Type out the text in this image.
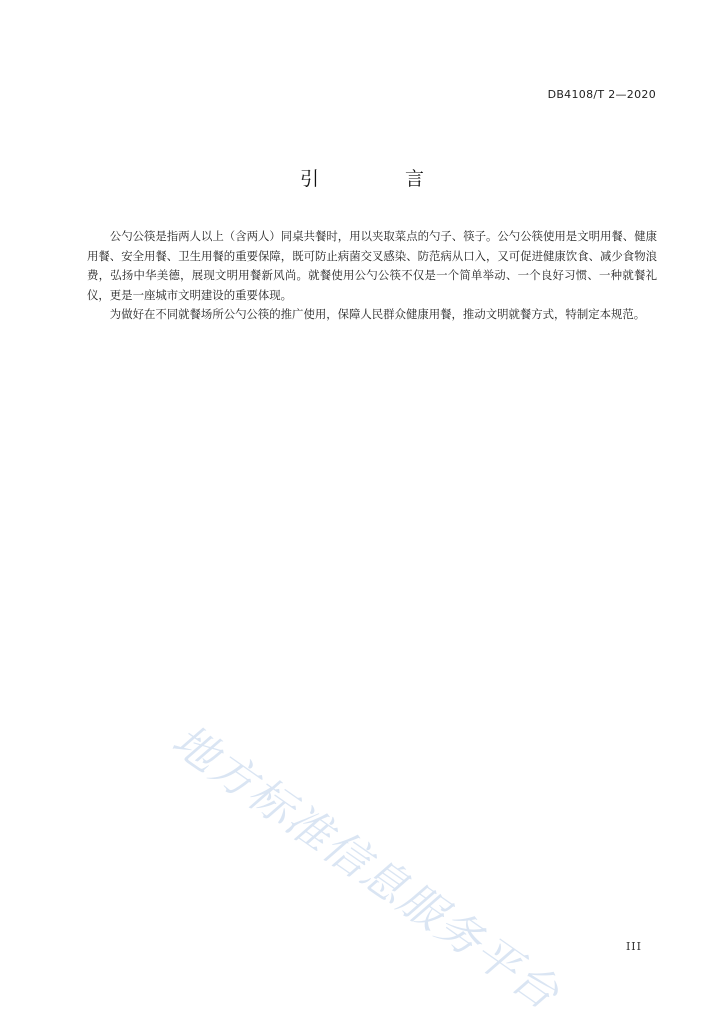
DB4108/T 2—2020
引 言

公勺公筷是指两人以上（含两人）同桌共餐时，用以夹取菜点的勺子、筷子。公勺公筷使用是文明用餐、健康用餐、安全用餐、卫生用餐的重要保障，既可防止病菌交叉感染、防范病从口入，又可促进健康饮食、减少食物浪费，弘扬中华美德，展现文明用餐新风尚。就餐使用公勺公筷不仅是一个简单举动、一个良好习惯、一种就餐礼仪，更是一座城市文明建设的重要体现。

为做好在不同就餐场所公勺公筷的推广使用，保障人民群众健康用餐，推动文明就餐方式，特制定本规范。

地方标准信息服务平台	III
